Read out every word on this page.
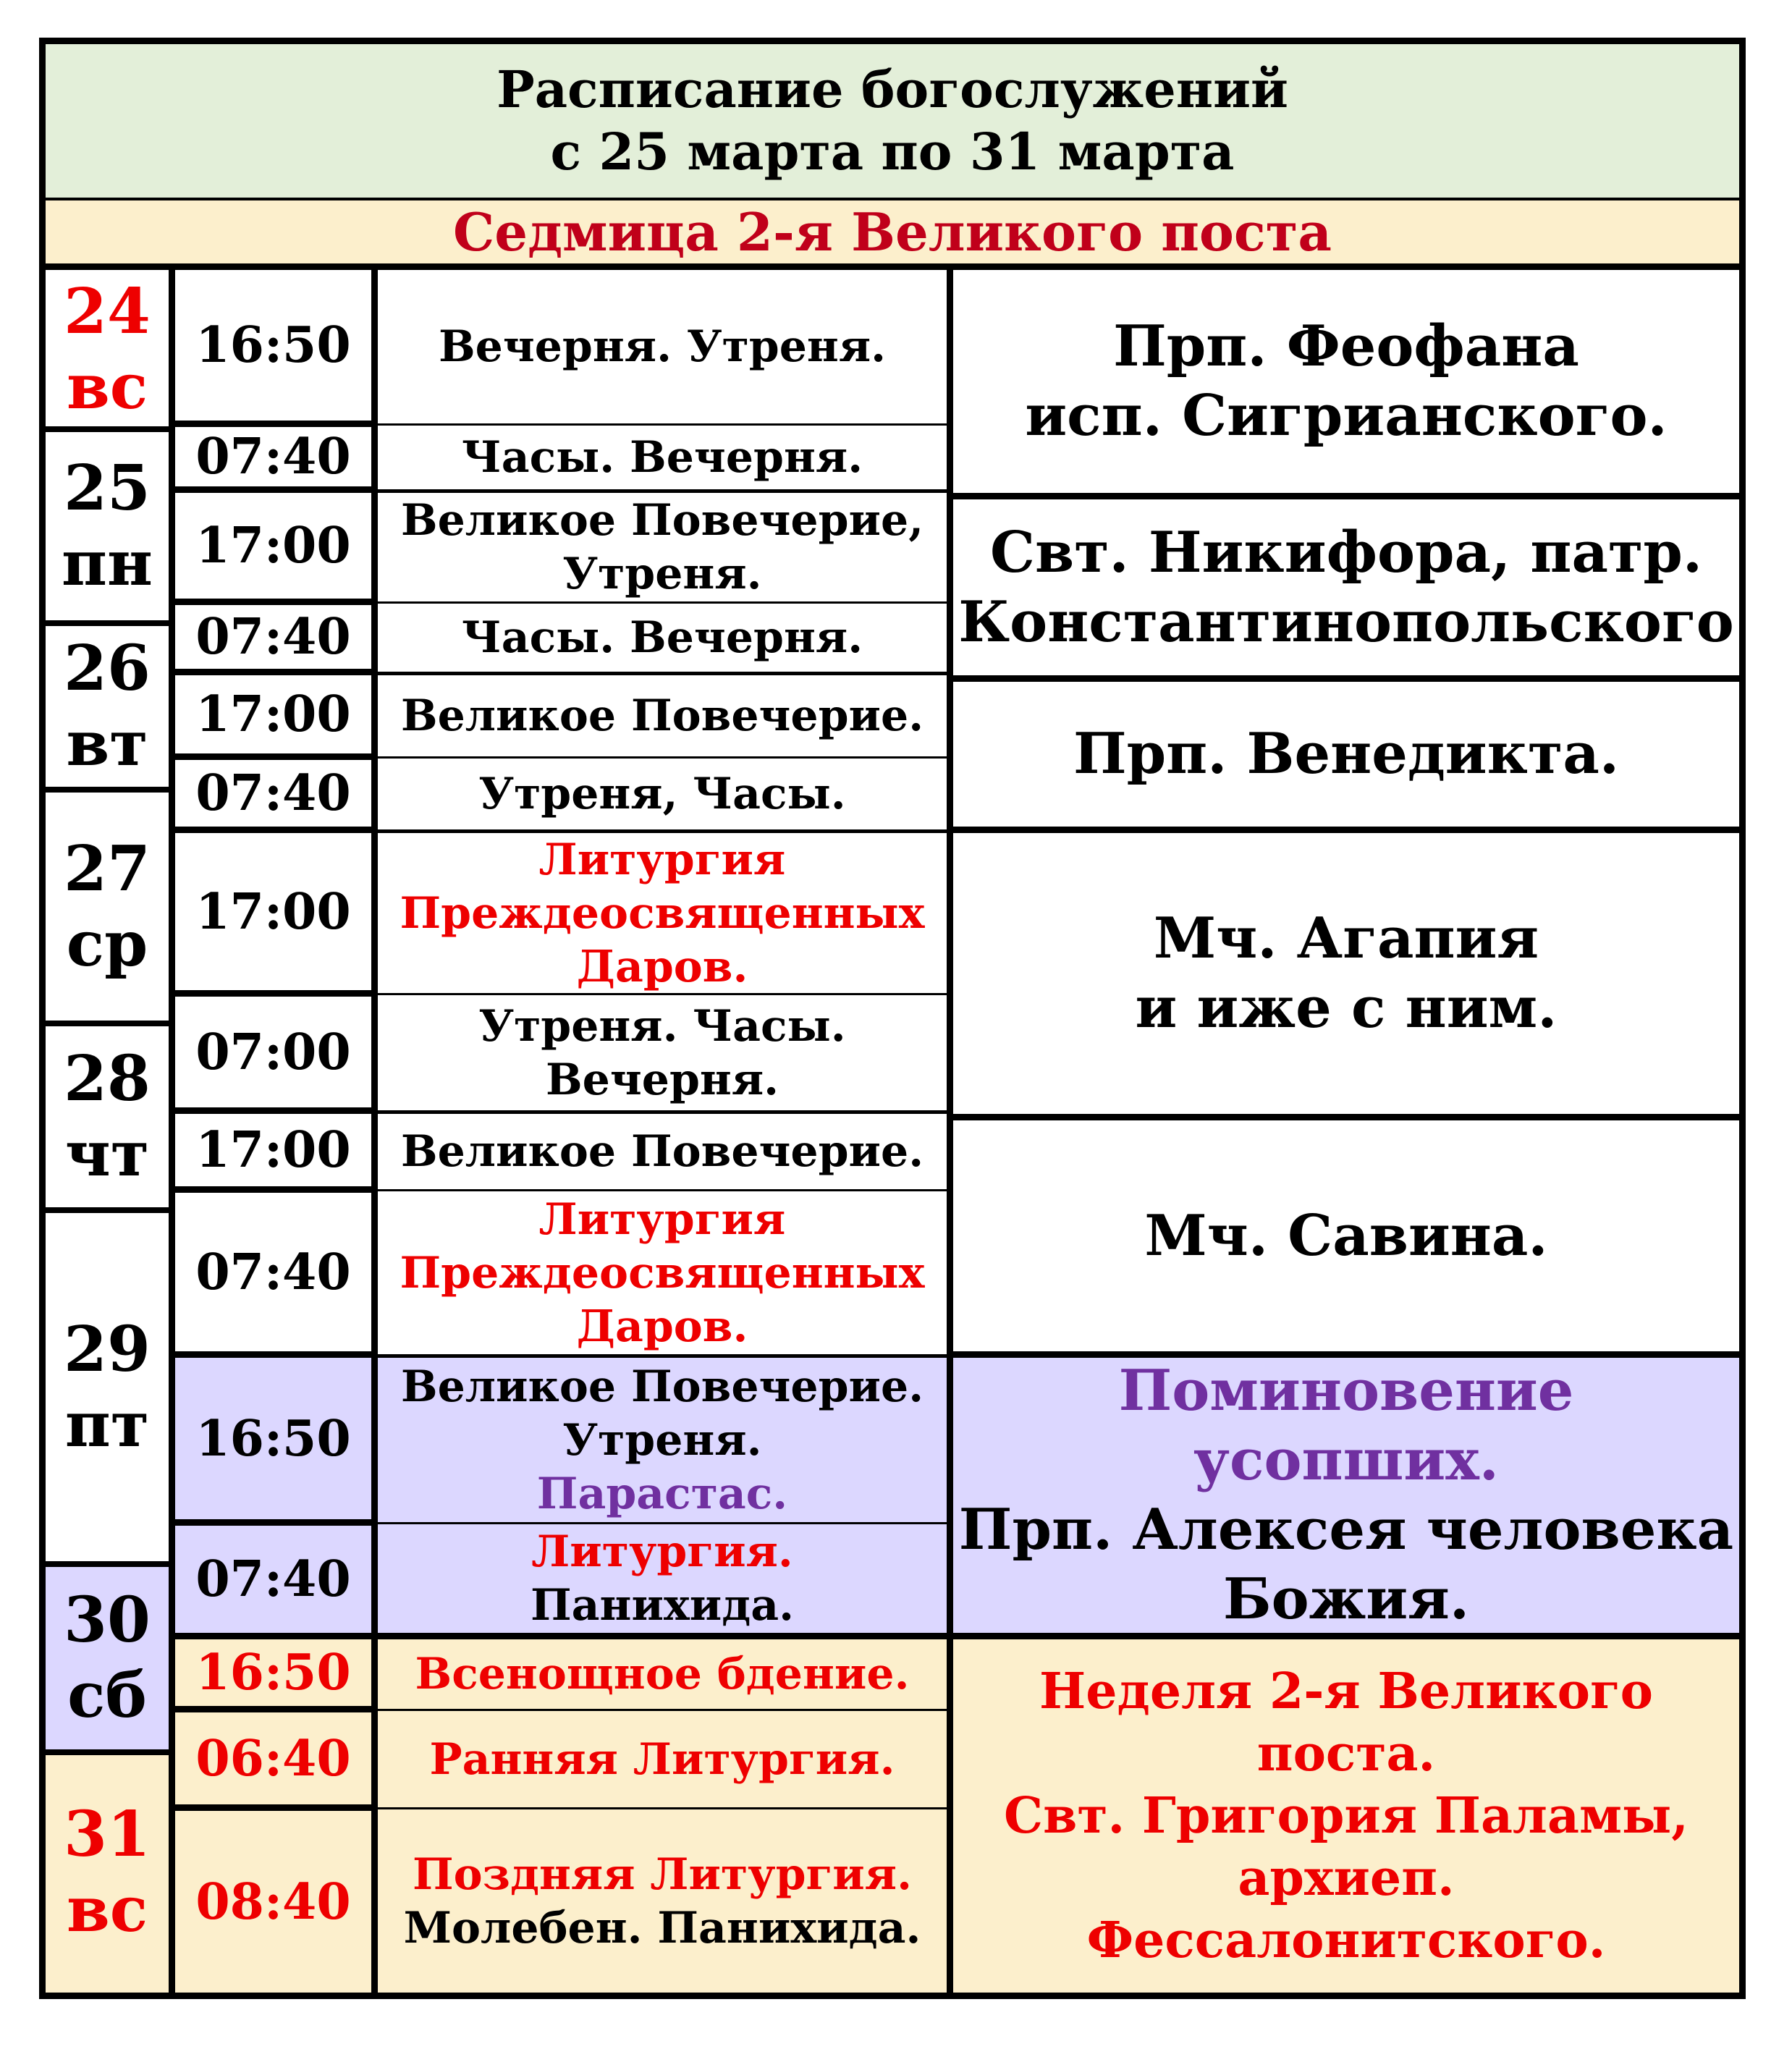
Расписание богослужений
с 25 марта по 31 марта
Седмица 2-я Великого поста
24
вс
25
пн
26
вт
27
ср
28
чт
29
пт
30
сб
31
вс
16:50
07:40
17:00
07:40
17:00
07:40
17:00
07:00
17:00
07:40
16:50
07:40
16:50
06:40
08:40
Вечерня. Утреня.
Часы. Вечерня.
Великое Повечерие,
Утреня.
Часы. Вечерня.
Великое Повечерие.
Утреня, Часы.
Литургия
Преждеосвященных
Даров.
Утреня. Часы.
Вечерня.
Великое Повечерие.
Литургия
Преждеосвященных
Даров.
Великое Повечерие.
Утреня.
Парастас.
Литургия.
Панихида.
Всенощное бдение.
Ранняя Литургия.
Поздняя Литургия.
Молебен. Панихида.
Прп. Феофана
исп. Сигрианского.
Свт. Никифора, патр.
Константинопольского
Прп. Венедикта.
Мч. Агапия
и иже с ним.
Мч. Савина.
Поминовение
усопших.
Прп. Алексея человека
Божия.
Неделя 2-я Великого
поста.
Свт. Григория Паламы,
архиеп.
Фессалонитского.
